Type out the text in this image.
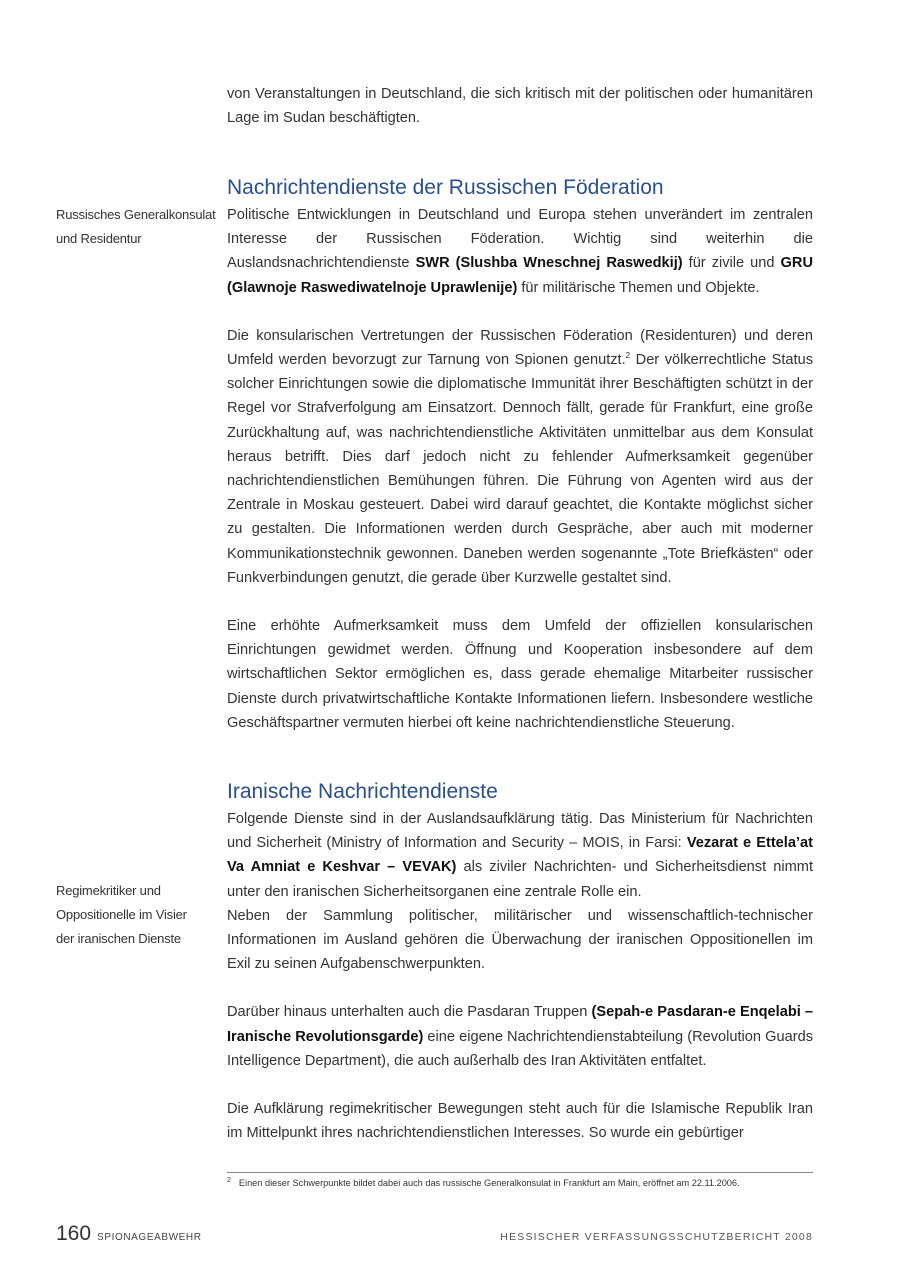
von Veranstaltungen in Deutschland, die sich kritisch mit der politischen oder humanitären Lage im Sudan beschäftigten.

Nachrichtendienste der Russischen Föderation

Politische Entwicklungen in Deutschland und Europa stehen unverändert im zentralen Interesse der Russischen Föderation. Wichtig sind weiterhin die Auslandsnachrichtendienste SWR (Slushba Wneschnej Raswedkij) für zivile und GRU (Glawnoje Raswediwatelnoje Uprawlenije) für militärische Themen und Objekte.

Die konsularischen Vertretungen der Russischen Föderation (Residenturen) und deren Umfeld werden bevorzugt zur Tarnung von Spionen genutzt.$^2$ Der völkerrechtliche Status solcher Einrichtungen sowie die diplomatische Immunität ihrer Beschäftigten schützt in der Regel vor Strafverfolgung am Einsatzort. Dennoch fällt, gerade für Frankfurt, eine große Zurückhaltung auf, was nachrichtendienstliche Aktivitäten unmittelbar aus dem Konsulat heraus betrifft. Dies darf jedoch nicht zu fehlender Aufmerksamkeit gegenüber nachrichtendienstlichen Bemühungen führen. Die Führung von Agenten wird aus der Zentrale in Moskau gesteuert. Dabei wird darauf geachtet, die Kontakte möglichst sicher zu gestalten. Die Informationen werden durch Gespräche, aber auch mit moderner Kommunikationstechnik gewonnen. Daneben werden sogenannte „Tote Briefkästen“ oder Funkverbindungen genutzt, die gerade über Kurzwelle gestaltet sind.

Eine erhöhte Aufmerksamkeit muss dem Umfeld der offiziellen konsularischen Einrichtungen gewidmet werden. Öffnung und Kooperation insbesondere auf dem wirtschaftlichen Sektor ermöglichen es, dass gerade ehemalige Mitarbeiter russischer Dienste durch privatwirtschaftliche Kontakte Informationen liefern. Insbesondere westliche Geschäftspartner vermuten hierbei oft keine nachrichtendienstliche Steuerung.

Russisches Generalkonsulat
und Residentur
Iranische Nachrichtendienste

Folgende Dienste sind in der Auslandsaufklärung tätig. Das Ministerium für Nachrichten und Sicherheit (Ministry of Information and Security – MOIS, in Farsi: Vezarat e Ettela’at Va Amniat e Keshvar – VEVAK) als ziviler Nachrichten- und Sicherheitsdienst nimmt unter den iranischen Sicherheitsorganen eine zentrale Rolle ein.
Neben der Sammlung politischer, militärischer und wissenschaftlich-technischer Informationen im Ausland gehören die Überwachung der iranischen Oppositionellen im Exil zu seinen Aufgabenschwerpunkten.

Darüber hinaus unterhalten auch die Pasdaran Truppen (Sepah-e Pasdaran-e Enqelabi – Iranische Revolutionsgarde) eine eigene Nachrichtendienstabteilung (Revolution Guards Intelligence Department), die auch außerhalb des Iran Aktivitäten entfaltet.

Die Aufklärung regimekritischer Bewegungen steht auch für die Islamische Republik Iran im Mittelpunkt ihres nachrichtendienstlichen Interesses. So wurde ein gebürtiger

Regimekritiker und
Oppositionelle im Visier
der iranischen Dienste
$^2$ Einen dieser Schwerpunkte bildet dabei auch das russische Generalkonsulat in Frankfurt am Main, eröffnet am 22.11.2006.
160 SPIONAGEABWEHR	HESSISCHER VERFASSUNGSSCHUTZBERICHT 2008
